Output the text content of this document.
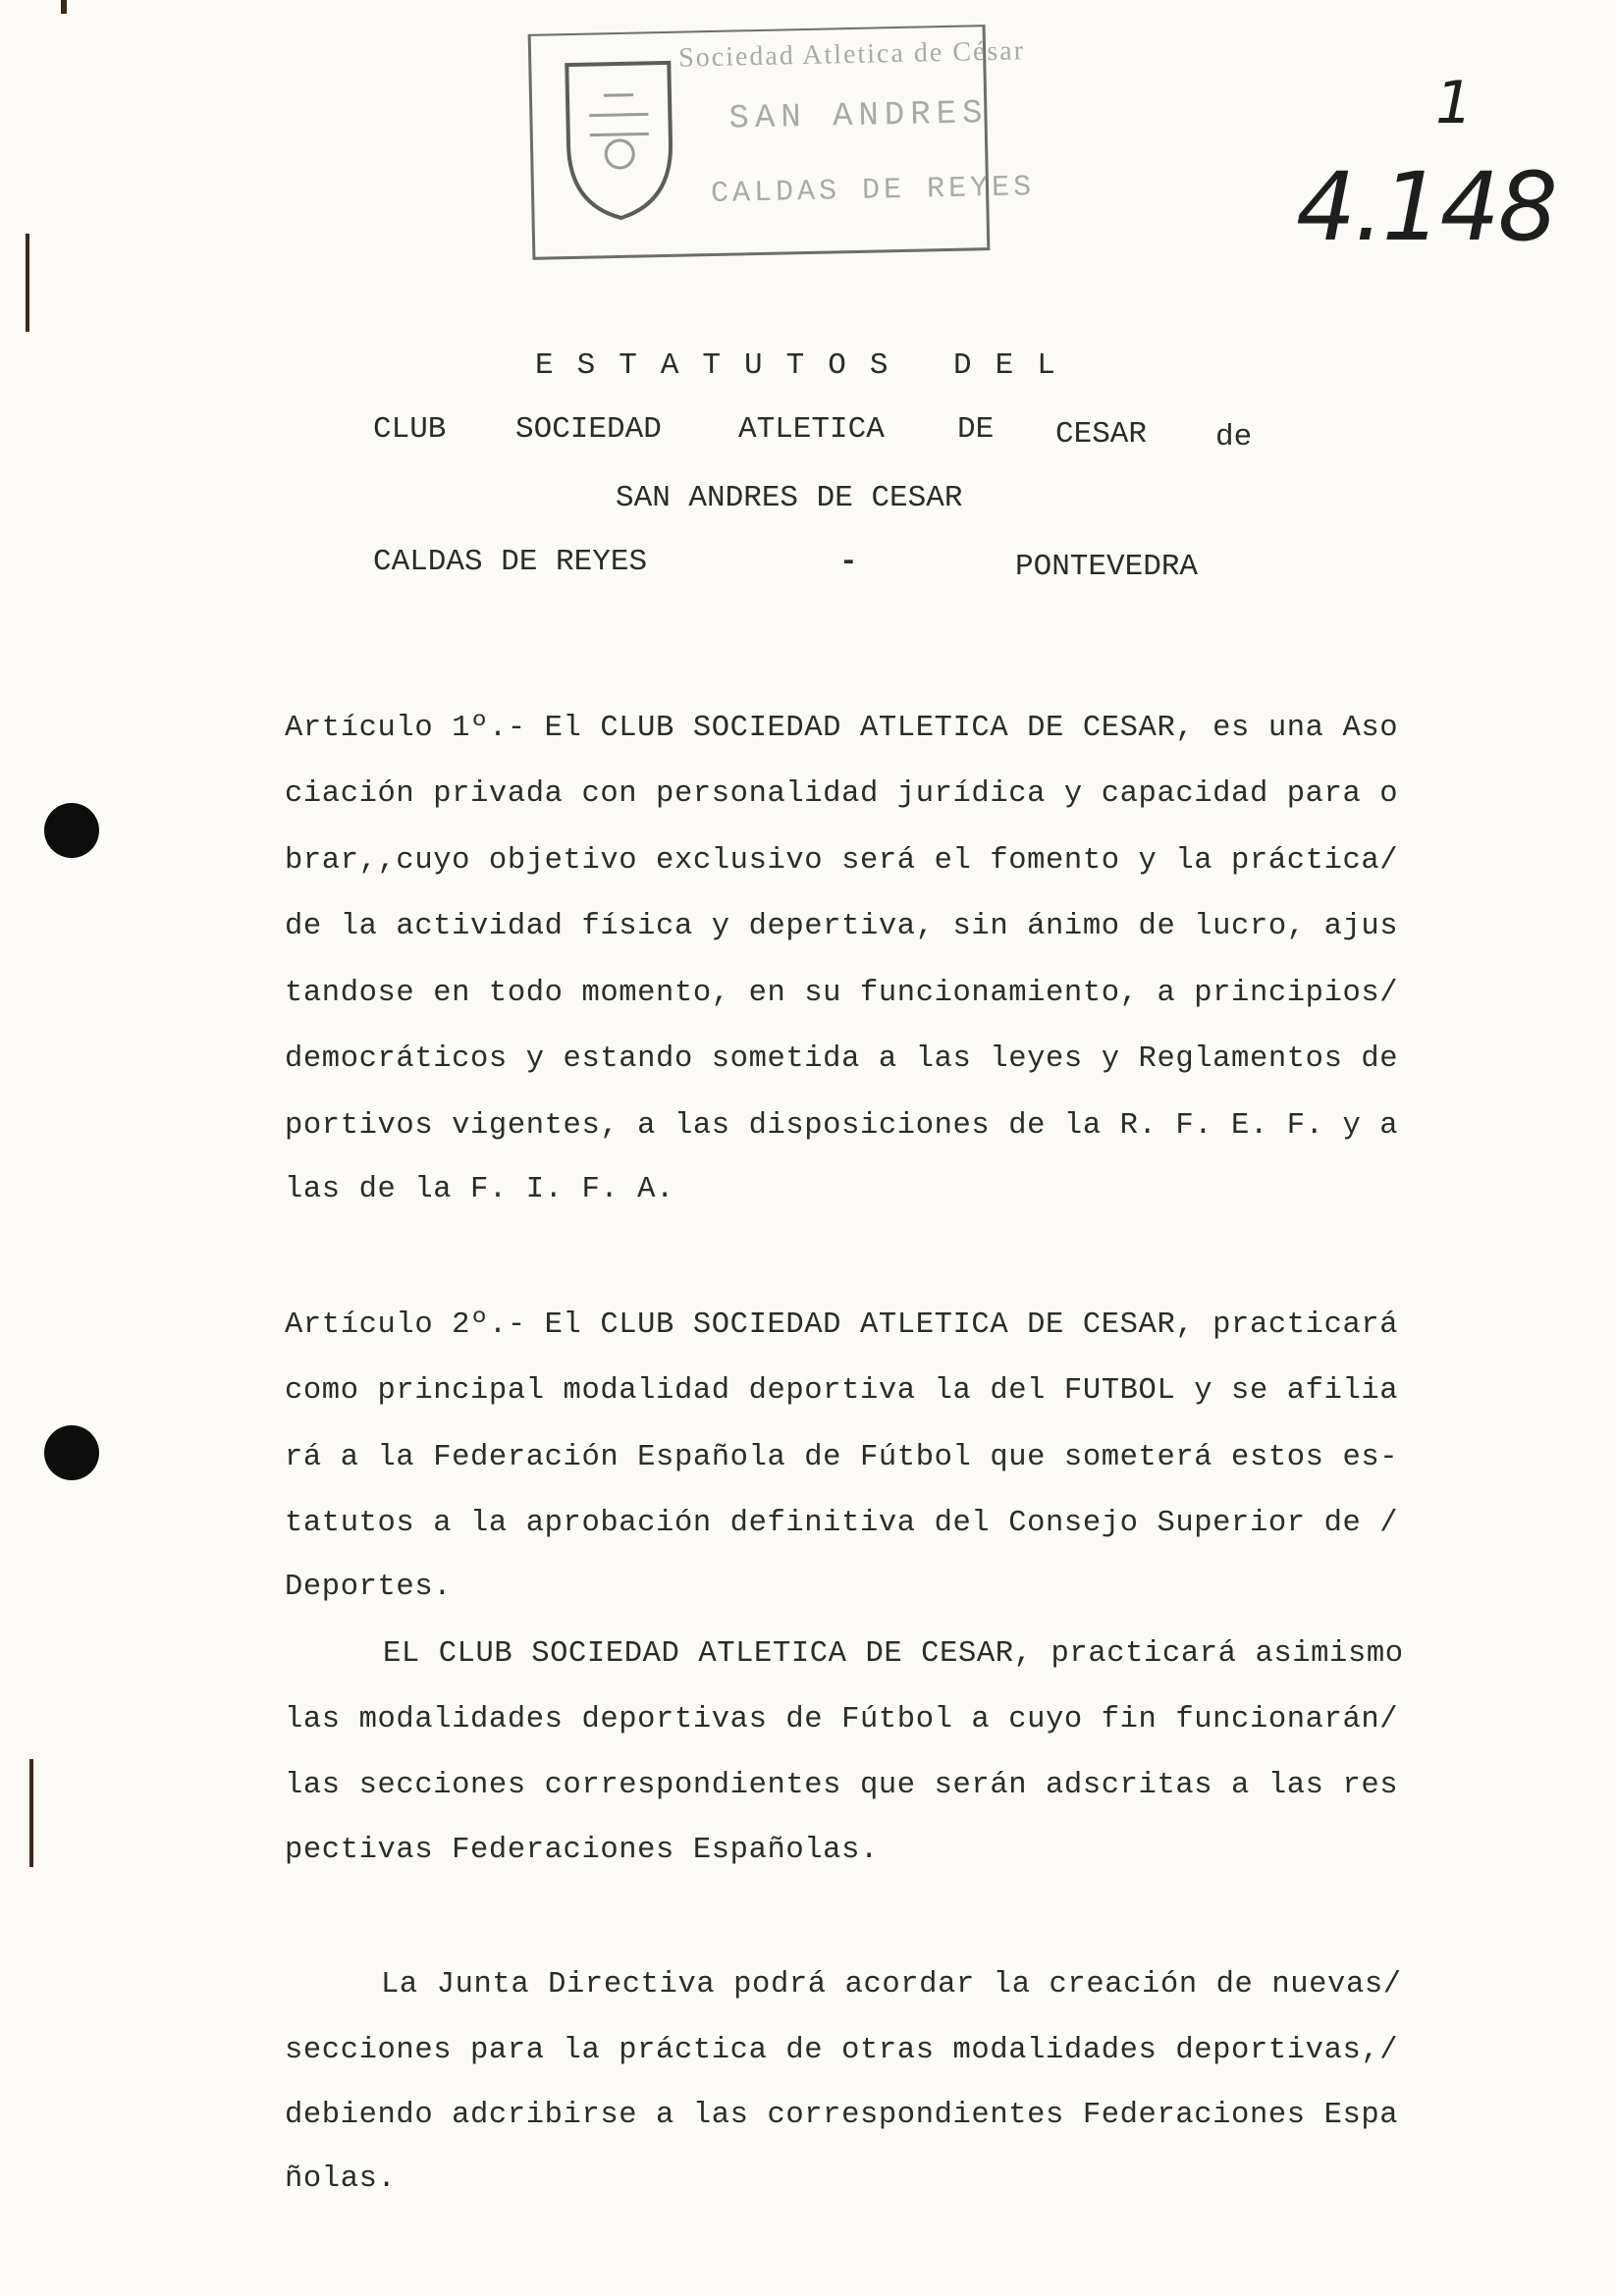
Sociedad Atletica de César
SAN ANDRES
CALDAS DE REYES
1
4.148
ESTATUTOS DEL
CLUB SOCIEDAD	ATLETICA DE CESAR de
SAN ANDRES DE CESAR
CALDAS DE REYES	-	PONTEVEDRA
Artículo 1º.- El CLUB SOCIEDAD ATLETICA DE CESAR, es una Aso
ciación privada con personalidad jurídica y capacidad para o
brar,,cuyo objetivo exclusivo será el fomento y la práctica/
de la actividad física y depertiva, sin ánimo de lucro, ajus
tandose en todo momento, en su funcionamiento, a principios/
democráticos y estando sometida a las leyes y Reglamentos de
portivos vigentes, a las disposiciones de la R. F. E. F. y a
las de la F. I. F. A.
Artículo 2º.- El CLUB SOCIEDAD ATLETICA DE CESAR, practicará
como principal modalidad deportiva la del FUTBOL y se afilia
rá a la Federación Española de Fútbol que someterá estos es-
tatutos a la aprobación definitiva del Consejo Superior de /
Deportes.
EL CLUB SOCIEDAD ATLETICA DE CESAR, practicará asimismo
las modalidades deportivas de Fútbol a cuyo fin funcionarán/
las secciones correspondientes que serán adscritas a las res
pectivas Federaciones Españolas.
La Junta Directiva podrá acordar la creación de nuevas/
secciones para la práctica de otras modalidades deportivas,/
debiendo adcribirse a las correspondientes Federaciones Espa
ñolas.
